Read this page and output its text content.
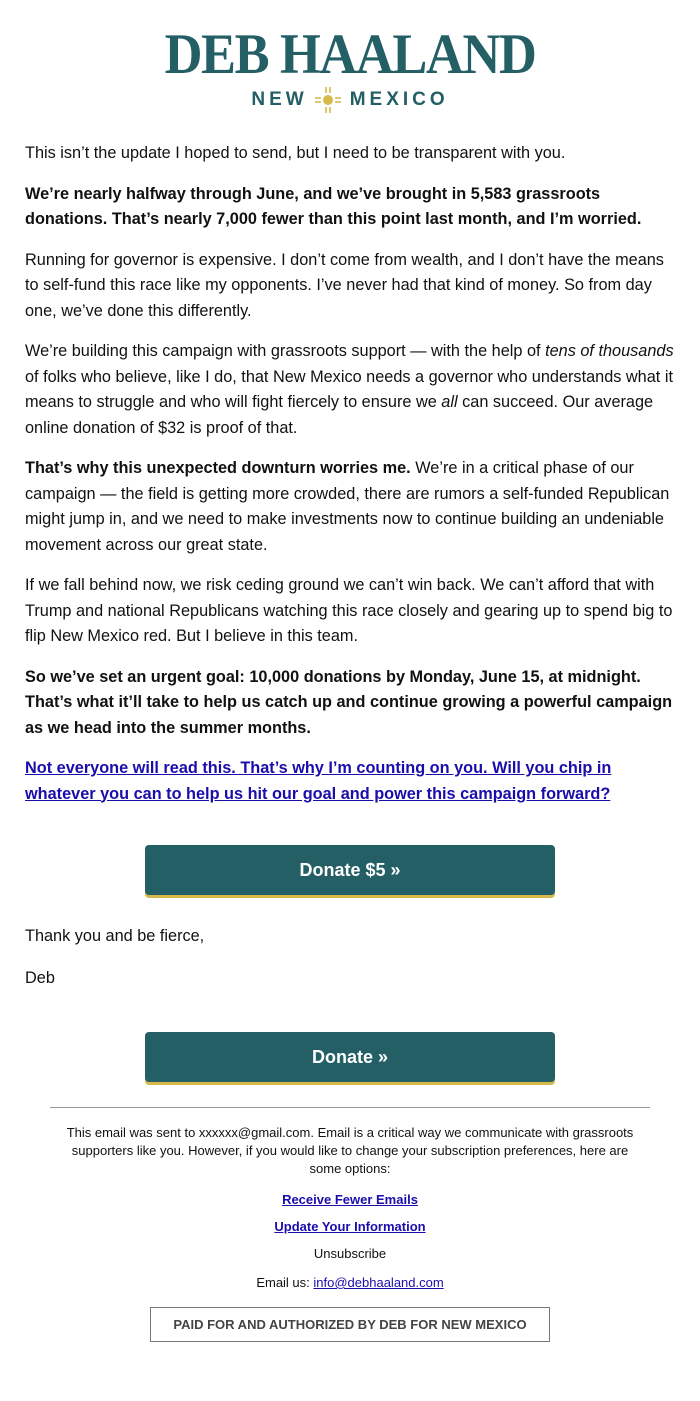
DEB HAALAND
NEW MEXICO

This isn’t the update I hoped to send, but I need to be transparent with you.

We’re nearly halfway through June, and we’ve brought in 5,583 grassroots donations. That’s nearly 7,000 fewer than this point last month, and I’m worried.

Running for governor is expensive. I don’t come from wealth, and I don’t have the means to self-fund this race like my opponents. I’ve never had that kind of money. So from day one, we’ve done this differently.

We’re building this campaign with grassroots support — with the help of tens of thousands of folks who believe, like I do, that New Mexico needs a governor who understands what it means to struggle and who will fight fiercely to ensure we all can succeed. Our average online donation of $32 is proof of that.

That’s why this unexpected downturn worries me. We’re in a critical phase of our campaign — the field is getting more crowded, there are rumors a self-funded Republican might jump in, and we need to make investments now to continue building an undeniable movement across our great state.

If we fall behind now, we risk ceding ground we can’t win back. We can’t afford that with Trump and national Republicans watching this race closely and gearing up to spend big to flip New Mexico red. But I believe in this team.

So we’ve set an urgent goal: 10,000 donations by Monday, June 15, at midnight. That’s what it’ll take to help us catch up and continue growing a powerful campaign as we head into the summer months.

Not everyone will read this. That’s why I’m counting on you. Will you chip in whatever you can to help us hit our goal and power this campaign forward?

Donate $5 »
Thank you and be fierce,
Deb
Donate »
This email was sent to xxxxxx@gmail.com. Email is a critical way we communicate with grassroots supporters like you. However, if you would like to change your subscription preferences, here are some options:
Receive Fewer Emails
Update Your Information
Unsubscribe
Email us: info@debhaaland.com
PAID FOR AND AUTHORIZED BY DEB FOR NEW MEXICO
